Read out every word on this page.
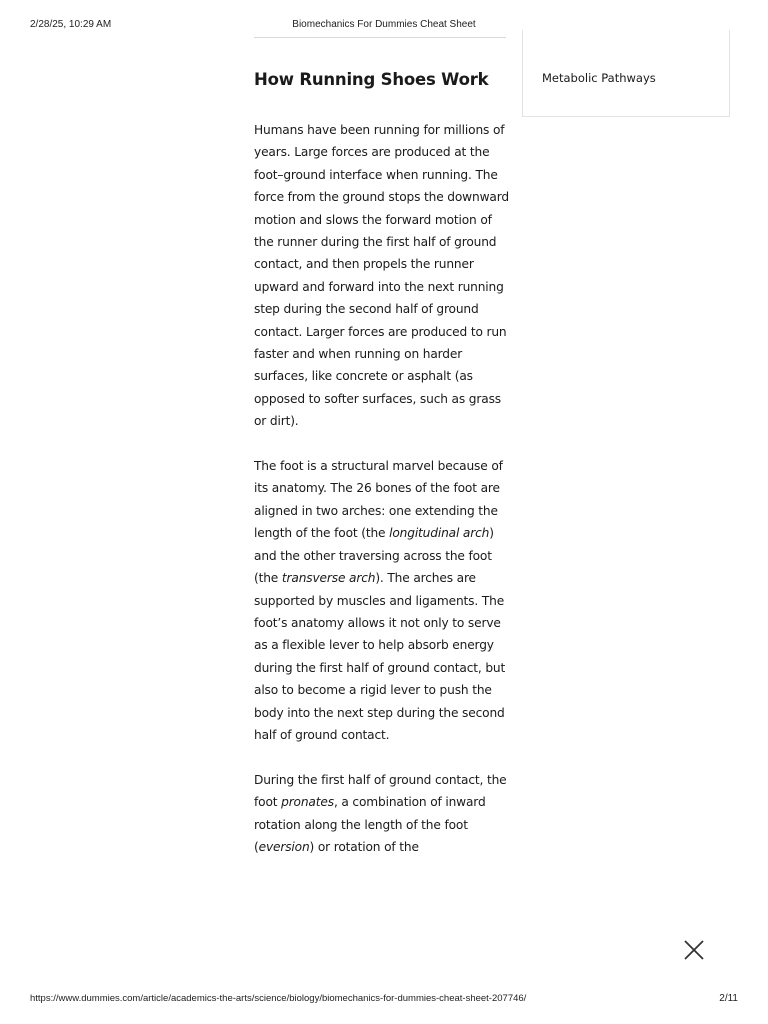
2/28/25, 10:29 AM	Biomechanics For Dummies Cheat Sheet
Metabolic Pathways
How Running Shoes Work

Humans have been running for millions of years. Large forces are produced at the foot–ground interface when running. The force from the ground stops the downward motion and slows the forward motion of the runner during the first half of ground contact, and then propels the runner upward and forward into the next running step during the second half of ground contact. Larger forces are produced to run faster and when running on harder surfaces, like concrete or asphalt (as opposed to softer surfaces, such as grass or dirt).

The foot is a structural marvel because of its anatomy. The 26 bones of the foot are aligned in two arches: one extending the length of the foot (the longitudinal arch) and the other traversing across the foot (the transverse arch). The arches are supported by muscles and ligaments. The foot’s anatomy allows it not only to serve as a flexible lever to help absorb energy during the first half of ground contact, but also to become a rigid lever to push the body into the next step during the second half of ground contact.

During the first half of ground contact, the foot pronates, a combination of inward rotation along the length of the foot (eversion) or rotation of the

https://www.dummies.com/article/academics-the-arts/science/biology/biomechanics-for-dummies-cheat-sheet-207746/	2/11
